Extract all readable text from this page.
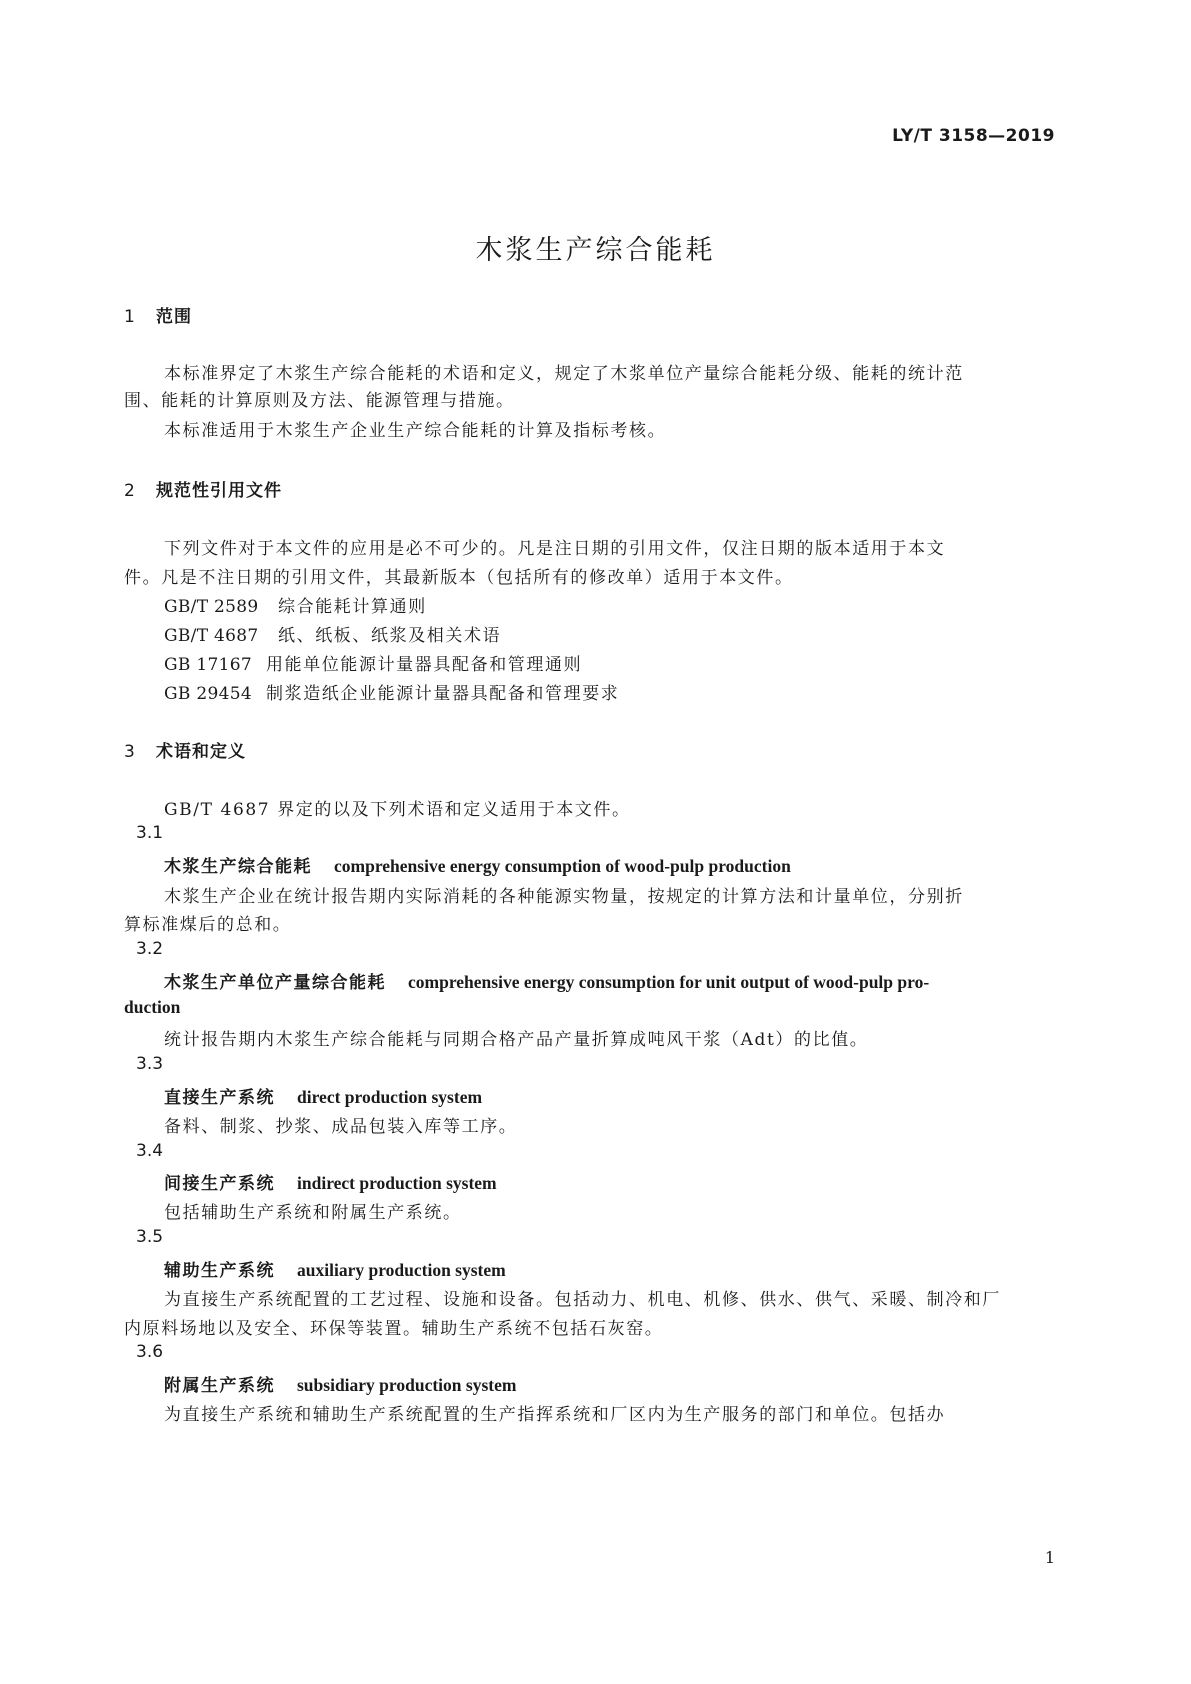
LY/T 3158—2019
木浆生产综合能耗
1 范围
本标准界定了木浆生产综合能耗的术语和定义，规定了木浆单位产量综合能耗分级、能耗的统计范
围、能耗的计算原则及方法、能源管理与措施。
本标准适用于木浆生产企业生产综合能耗的计算及指标考核。
2 规范性引用文件
下列文件对于本文件的应用是必不可少的。凡是注日期的引用文件，仅注日期的版本适用于本文
件。凡是不注日期的引用文件，其最新版本（包括所有的修改单）适用于本文件。
GB/T 2589 综合能耗计算通则
GB/T 4687 纸、纸板、纸浆及相关术语
GB 17167 用能单位能源计量器具配备和管理通则
GB 29454 制浆造纸企业能源计量器具配备和管理要求
3 术语和定义
GB/T 4687 界定的以及下列术语和定义适用于本文件。
3.1
木浆生产综合能耗 comprehensive energy consumption of wood-pulp production
木浆生产企业在统计报告期内实际消耗的各种能源实物量，按规定的计算方法和计量单位，分别折
算标准煤后的总和。
3.2
木浆生产单位产量综合能耗 comprehensive energy consumption for unit output of wood-pulp pro-
duction
统计报告期内木浆生产综合能耗与同期合格产品产量折算成吨风干浆（Adt）的比值。
3.3
直接生产系统 direct production system
备料、制浆、抄浆、成品包装入库等工序。
3.4
间接生产系统 indirect production system
包括辅助生产系统和附属生产系统。
3.5
辅助生产系统 auxiliary production system
为直接生产系统配置的工艺过程、设施和设备。包括动力、机电、机修、供水、供气、采暖、制冷和厂
内原料场地以及安全、环保等装置。辅助生产系统不包括石灰窑。
3.6
附属生产系统 subsidiary production system
为直接生产系统和辅助生产系统配置的生产指挥系统和厂区内为生产服务的部门和单位。包括办
1
